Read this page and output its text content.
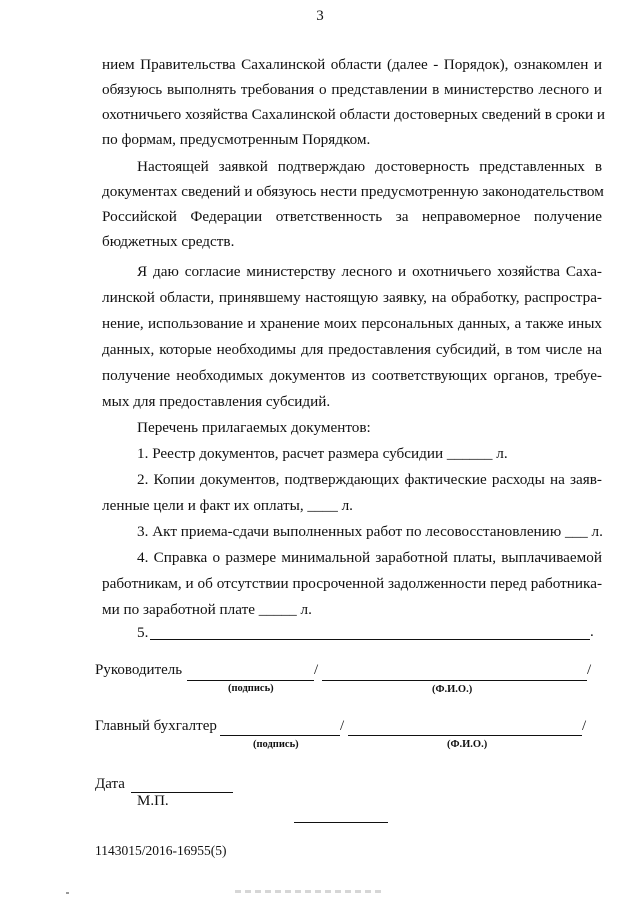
3
нием Правительства Сахалинской области (далее - Порядок), ознакомлен и
обязуюсь выполнять требования о представлении в министерство лесного и
охотничьего хозяйства Сахалинской области достоверных сведений в сроки и
по формам, предусмотренным Порядком.
Настоящей заявкой подтверждаю достоверность представленных в
документах сведений и обязуюсь нести предусмотренную законодательством
Российской Федерации ответственность за неправомерное получение
бюджетных средств.
Я даю согласие министерству лесного и охотничьего хозяйства Саха-
линской области, принявшему настоящую заявку, на обработку, распростра-
нение, использование и хранение моих персональных данных, а также иных
данных, которые необходимы для предоставления субсидий, в том числе на
получение необходимых документов из соответствующих органов, требуе-
мых для предоставления субсидий.
Перечень прилагаемых документов:
1. Реестр документов, расчет размера субсидии ______ л.
2. Копии документов, подтверждающих фактические расходы на заяв-
ленные цели и факт их оплаты, ____ л.
3. Акт приема-сдачи выполненных работ по лесовосстановлению ___ л.
4. Справка о размере минимальной заработной платы, выплачиваемой
работникам, и об отсутствии просроченной задолженности перед работника-
ми по заработной плате _____ л.
5.	.
Руководитель	/	/
(подпись)	(Ф.И.О.)
Главный бухгалтер	/	/
(подпись)	(Ф.И.О.)
Дата
М.П.
1143015/2016-16955(5)
